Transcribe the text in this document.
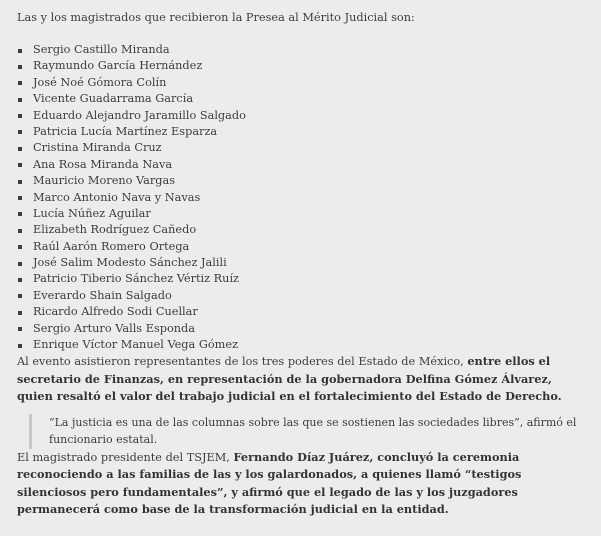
Las y los magistrados que recibieron la Presea al Mérito Judicial son:

Sergio Castillo Miranda
Raymundo García Hernández
José Noé Gómora Colín
Vicente Guadarrama García
Eduardo Alejandro Jaramillo Salgado
Patricia Lucía Martínez Esparza
Cristina Miranda Cruz
Ana Rosa Miranda Nava
Mauricio Moreno Vargas
Marco Antonio Nava y Navas
Lucía Núñez Aguilar
Elizabeth Rodríguez Cañedo
Raúl Aarón Romero Ortega
José Salim Modesto Sánchez Jalili
Patricio Tiberio Sánchez Vértiz Ruíz
Everardo Shain Salgado
Ricardo Alfredo Sodi Cuellar
Sergio Arturo Valls Esponda
Enrique Víctor Manuel Vega Gómez

Al evento asistieron representantes de los tres poderes del Estado de México, entre ellos el secretario de Finanzas, en representación de la gobernadora Delfina Gómez Álvarez, quien resaltó el valor del trabajo judicial en el fortalecimiento del Estado de Derecho.

“La justicia es una de las columnas sobre las que se sostienen las sociedades libres”, afirmó el funcionario estatal.

El magistrado presidente del TSJEM, Fernando Díaz Juárez, concluyó la ceremonia reconociendo a las familias de las y los galardonados, a quienes llamó “testigos silenciosos pero fundamentales”, y afirmó que el legado de las y los juzgadores permanecerá como base de la transformación judicial en la entidad.
